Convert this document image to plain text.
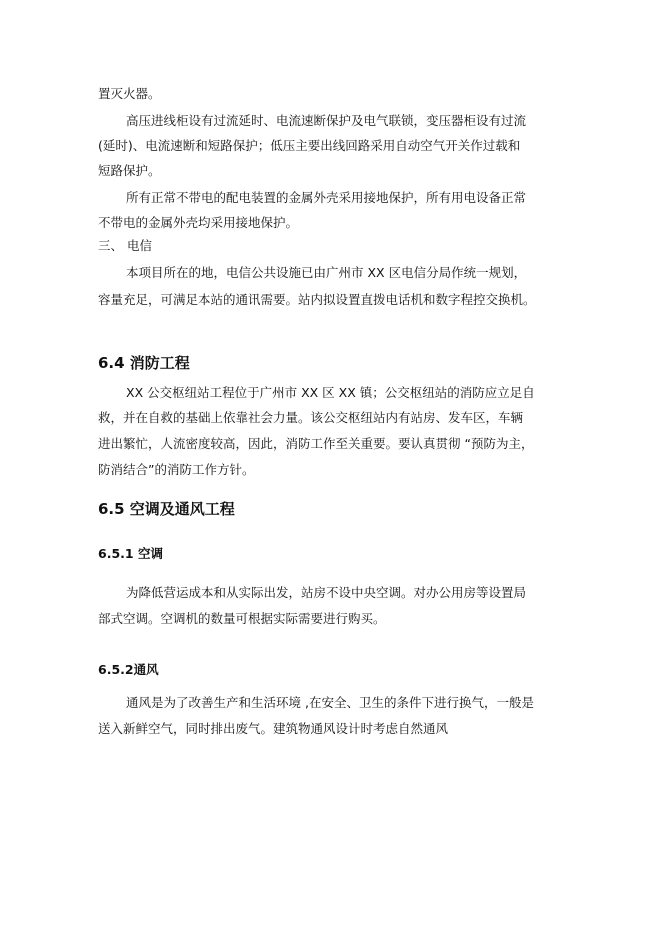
置灭火器。
高压进线柜设有过流延时、电流速断保护及电气联锁，变压器柜设有过流
(延时)、电流速断和短路保护；低压主要出线回路采用自动空气开关作过载和
短路保护。
所有正常不带电的配电装置的金属外壳采用接地保护，所有用电设备正常
不带电的金属外壳均采用接地保护。
三、 电信
本项目所在的地，电信公共设施已由广州市 XX 区电信分局作统一规划，
容量充足，可满足本站的通讯需要。站内拟设置直拨电话机和数字程控交换机。
6.4 消防工程
XX 公交枢纽站工程位于广州市 XX 区 XX 镇；公交枢纽站的消防应立足自
救，并在自救的基础上依靠社会力量。该公交枢纽站内有站房、发车区，车辆
进出繁忙，人流密度较高，因此，消防工作至关重要。要认真贯彻 “预防为主，
防消结合”的消防工作方针。
6.5 空调及通风工程
6.5.1 空调
为降低营运成本和从实际出发，站房不设中央空调。对办公用房等设置局
部式空调。空调机的数量可根据实际需要进行购买。
6.5.2通风
通风是为了改善生产和生活环境 ,在安全、卫生的条件下进行换气，一般是
送入新鲜空气，同时排出废气。建筑物通风设计时考虑自然通风
